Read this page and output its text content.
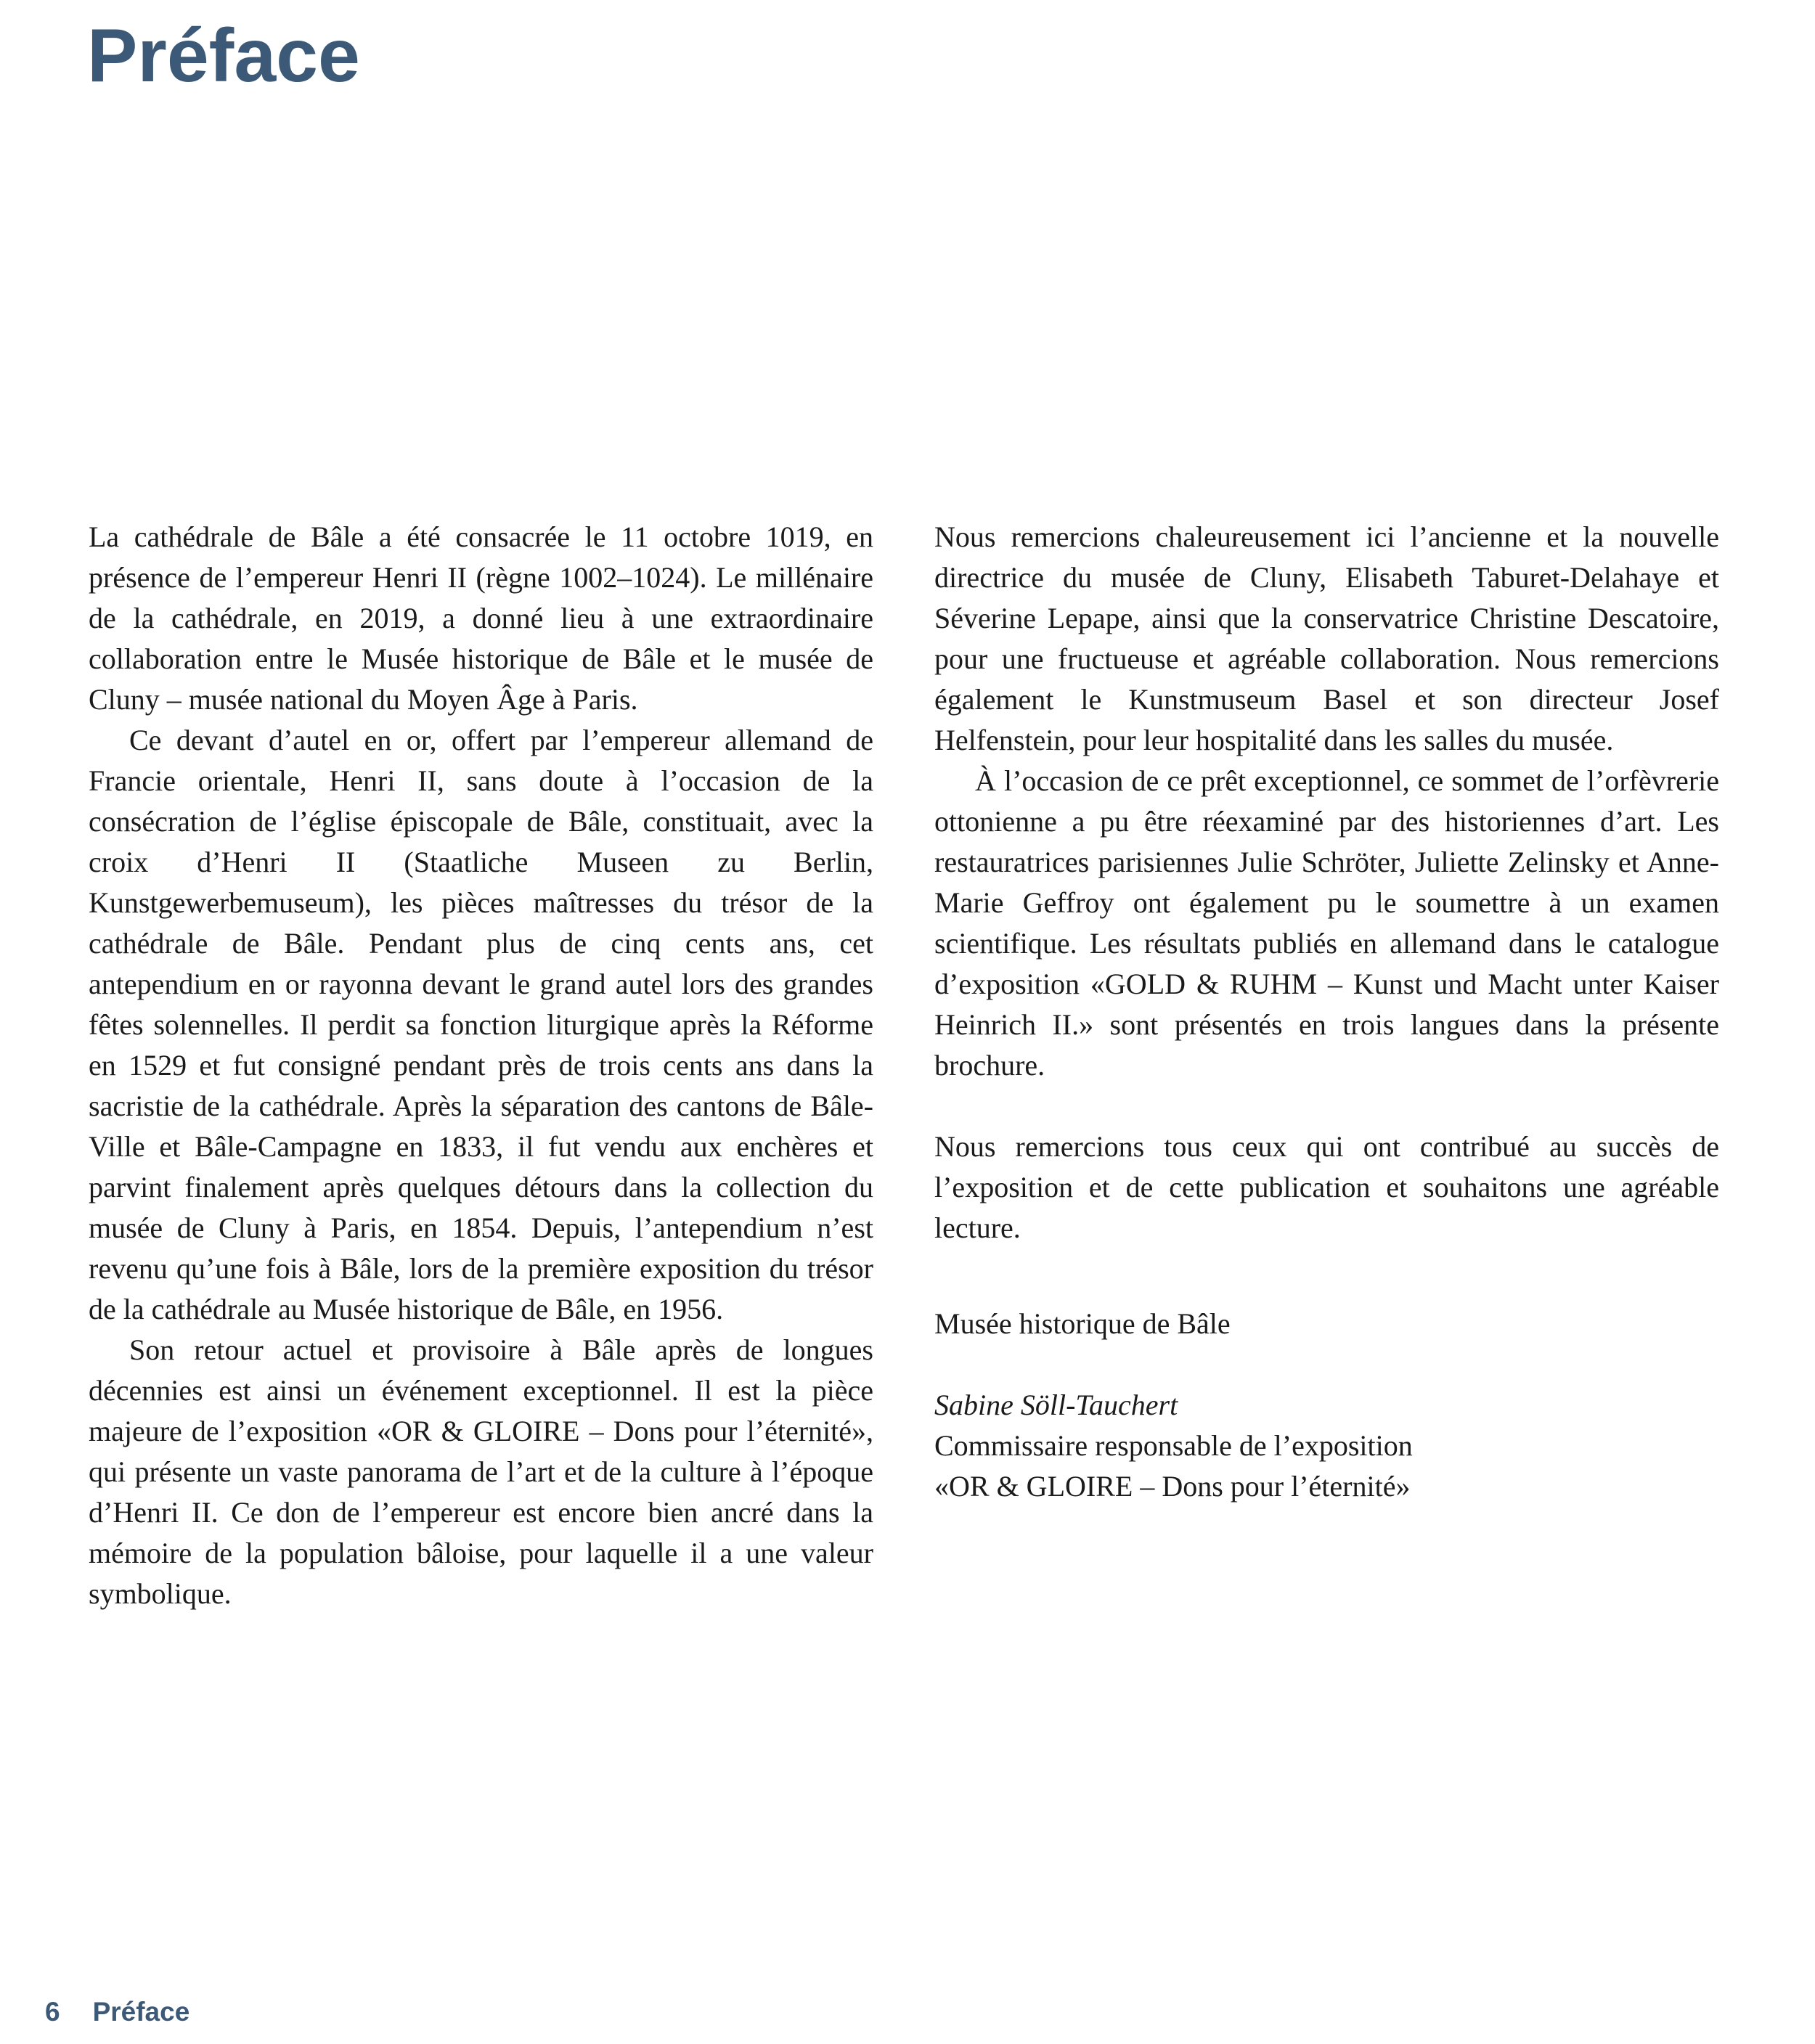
Préface

La cathédrale de Bâle a été consacrée le 11 octobre 1019, en présence de l’empereur Henri II (règne 1002–1024). Le millénaire de la cathédrale, en 2019, a donné lieu à une extraordinaire collaboration entre le Musée historique de Bâle et le musée de Cluny – musée national du Moyen Âge à Paris.

Ce devant d’autel en or, offert par l’empereur allemand de Francie orientale, Henri II, sans doute à l’occasion de la consécration de l’église épiscopale de Bâle, constituait, avec la croix d’Henri II (Staatliche Museen zu Berlin, Kunstgewerbemuseum), les pièces maîtresses du trésor de la cathédrale de Bâle. Pendant plus de cinq cents ans, cet antependium en or rayonna devant le grand autel lors des grandes fêtes solennelles. Il perdit sa fonction liturgique après la Réforme en 1529 et fut consigné pendant près de trois cents ans dans la sacristie de la cathédrale. Après la séparation des cantons de Bâle-Ville et Bâle-Campagne en 1833, il fut vendu aux enchères et parvint finalement après quelques détours dans la collection du musée de Cluny à Paris, en 1854. Depuis, l’antependium n’est revenu qu’une fois à Bâle, lors de la première exposition du trésor de la cathédrale au Musée historique de Bâle, en 1956.

Son retour actuel et provisoire à Bâle après de longues décennies est ainsi un événement exceptionnel. Il est la pièce majeure de l’exposition «OR & GLOIRE – Dons pour l’éternité», qui présente un vaste panorama de l’art et de la culture à l’époque d’Henri II. Ce don de l’empereur est encore bien ancré dans la mémoire de la population bâloise, pour laquelle il a une valeur symbolique.

Nous remercions chaleureusement ici l’ancienne et la nouvelle directrice du musée de Cluny, Elisabeth Taburet-Delahaye et Séverine Lepape, ainsi que la conservatrice Christine Descatoire, pour une fructueuse et agréable collaboration. Nous remercions également le Kunstmuseum Basel et son directeur Josef Helfenstein, pour leur hospitalité dans les salles du musée.

À l’occasion de ce prêt exceptionnel, ce sommet de l’orfèvrerie ottonienne a pu être réexaminé par des historiennes d’art. Les restauratrices parisiennes Julie Schröter, Juliette Zelinsky et Anne-Marie Geffroy ont également pu le soumettre à un examen scientifique. Les résultats publiés en allemand dans le catalogue d’exposition «GOLD & RUHM – Kunst und Macht unter Kaiser Heinrich II.» sont présentés en trois langues dans la présente brochure.

Nous remercions tous ceux qui ont contribué au succès de l’exposition et de cette publication et souhaitons une agréable lecture.

Musée historique de Bâle

Sabine Söll-Tauchert

Commissaire responsable de l’exposition

«OR & GLOIRE – Dons pour l’éternité»

6 Préface
